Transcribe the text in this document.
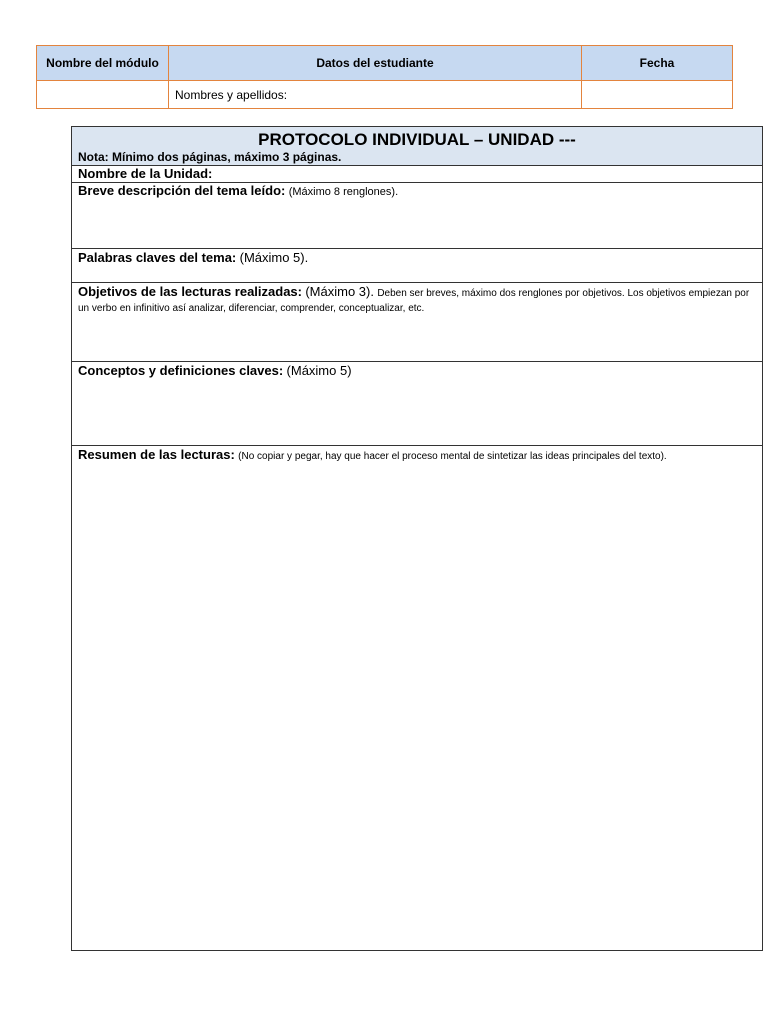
Nombre del módulo	Datos del estudiante	Fecha
	Nombres y apellidos:	
PROTOCOLO INDIVIDUAL – UNIDAD ---
Nota: Mínimo dos páginas, máximo 3 páginas.
Nombre de la Unidad:
Breve descripción del tema leído: (Máximo 8 renglones).
Palabras claves del tema: (Máximo 5).
Objetivos de las lecturas realizadas: (Máximo 3). Deben ser breves, máximo dos renglones por objetivos. Los objetivos empiezan por un verbo en infinitivo así analizar, diferenciar, comprender, conceptualizar, etc.
Conceptos y definiciones claves: (Máximo 5)
Resumen de las lecturas: (No copiar y pegar, hay que hacer el proceso mental de sintetizar las ideas principales del texto).
